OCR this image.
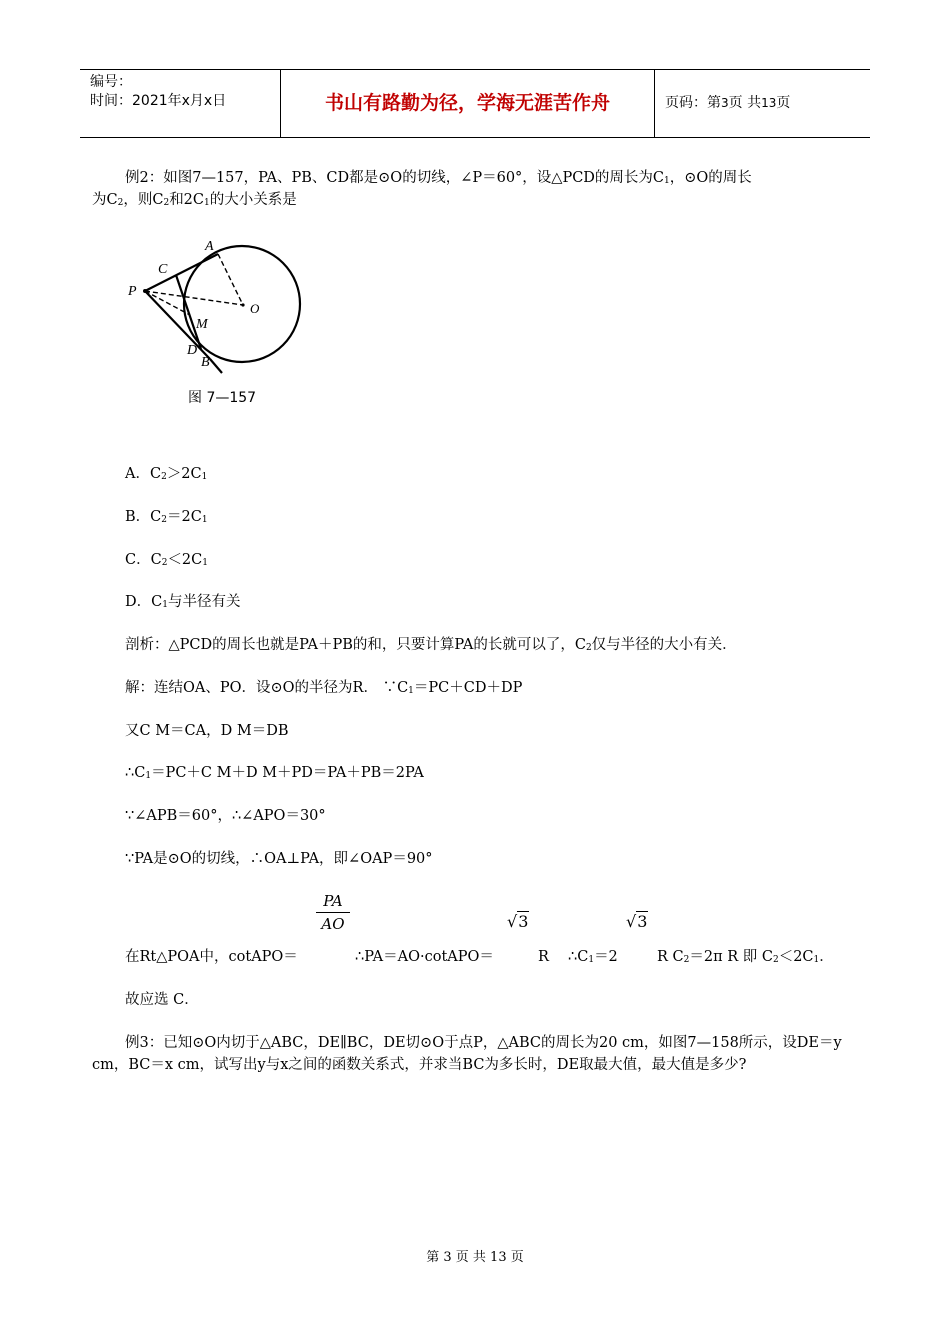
编号：
时间：2021年x月x日	书山有路勤为径，学海无涯苦作舟	页码：第3页 共13页
例2：如图7—157，PA、PB、CD都是⊙O的切线，∠P＝60°，设△PCD的周长为$C_1$，⊙O的周长
为$C_2$，则$C_2$和$2C_1$的大小关系是
A
C
P
O
M
D
B
图 7—157
A．$C_2>2C_1$
B．$C_2=2C_1$
C．$C_2<2C_1$
D．$C_1$与半径有关
剖析：△PCD的周长也就是PA＋PB的和，只要计算PA的长就可以了，$C_2$仅与半径的大小有关．
解：连结OA、PO．设⊙O的半径为R． $\because C_1=PC+CD+DP$
又C M＝CA，D M＝DB
$\therefore C_1=PC+C$ M＋D M＋PD＝PA＋PB＝2PA
∵∠APB＝60°，∴∠APO＝30°
∵PA是⊙O的切线，∴OA⊥PA，即∠OAP＝90°
$\frac{PA}{AO}$	√3	√3
在Rt△POA中，cotAPO＝	∴PA＝AO·cotAPO＝	R $\therefore C_1=2$	R $C_2=2\pi$ R 即 $C_2<2C_1$．
故应选 C．
例3：已知⊙O内切于△ABC，DE∥BC，DE切⊙O于点P，△ABC的周长为20 cm，如图7—158所示，设DE＝y cm，BC＝x cm，试写出y与x之间的函数关系式，并求当BC为多长时，DE取最大值，最大值是多少?
第 3 页 共 13 页
